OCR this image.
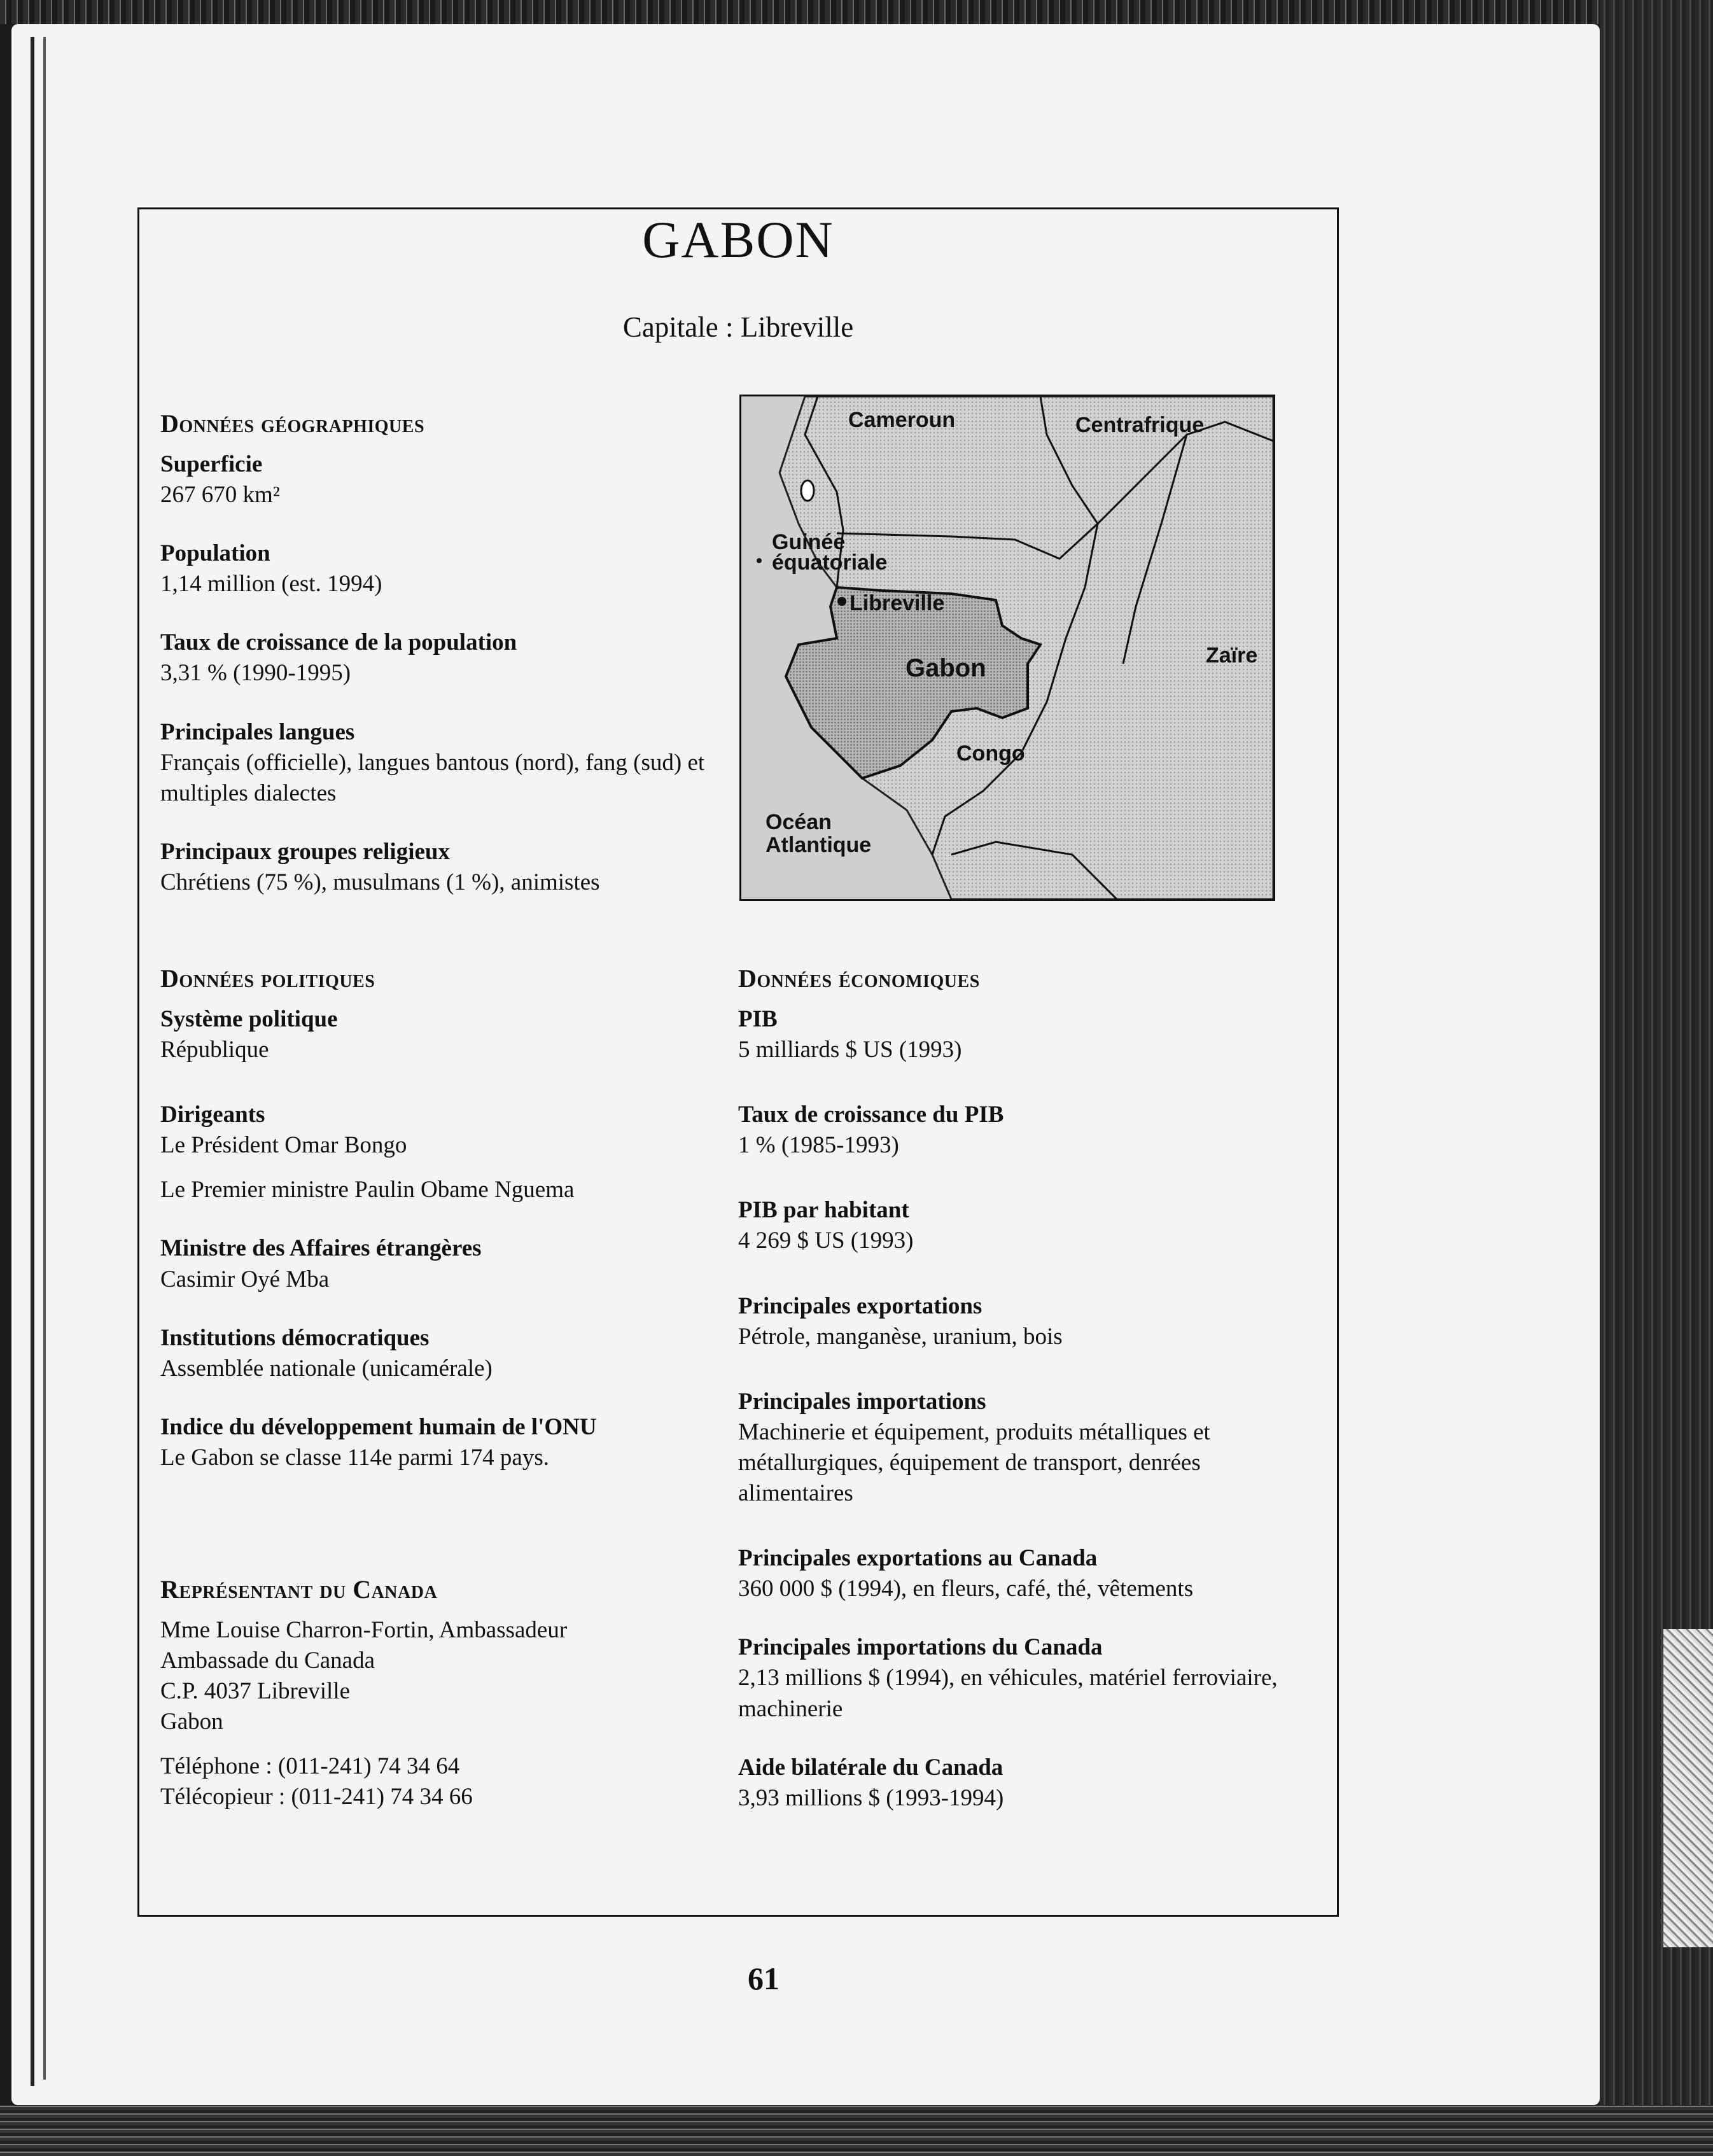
GABON
Capitale : Libreville
Données géographiques
Superficie
267 670 km²
Population
1,14 million (est. 1994)
Taux de croissance de la population
3,31 % (1990-1995)
Principales langues
Français (officielle), langues bantous (nord), fang (sud) et multiples dialectes
Principaux groupes religieux
Chrétiens (75 %), musulmans (1 %), animistes
Cameroun	Centrafrique
Guinée
équatoriale
Libreville
Gabon	Zaïre
Congo
Océan
Atlantique
Données politiques
Système politique
République
Dirigeants
Le Président Omar Bongo
Le Premier ministre Paulin Obame Nguema
Ministre des Affaires étrangères
Casimir Oyé Mba
Institutions démocratiques
Assemblée nationale (unicamérale)
Indice du développement humain de l'ONU
Le Gabon se classe 114e parmi 174 pays.
Représentant du Canada
Mme Louise Charron-Fortin, Ambassadeur
Ambassade du Canada
C.P. 4037 Libreville
Gabon
Téléphone : (011-241) 74 34 64
Télécopieur : (011-241) 74 34 66
Données économiques
PIB
5 milliards $ US (1993)
Taux de croissance du PIB
1 % (1985-1993)
PIB par habitant
4 269 $ US (1993)
Principales exportations
Pétrole, manganèse, uranium, bois
Principales importations
Machinerie et équipement, produits métalliques et métallurgiques, équipement de transport, denrées alimentaires
Principales exportations au Canada
360 000 $ (1994), en fleurs, café, thé, vêtements
Principales importations du Canada
2,13 millions $ (1994), en véhicules, matériel ferroviaire, machinerie
Aide bilatérale du Canada
3,93 millions $ (1993-1994)
61
